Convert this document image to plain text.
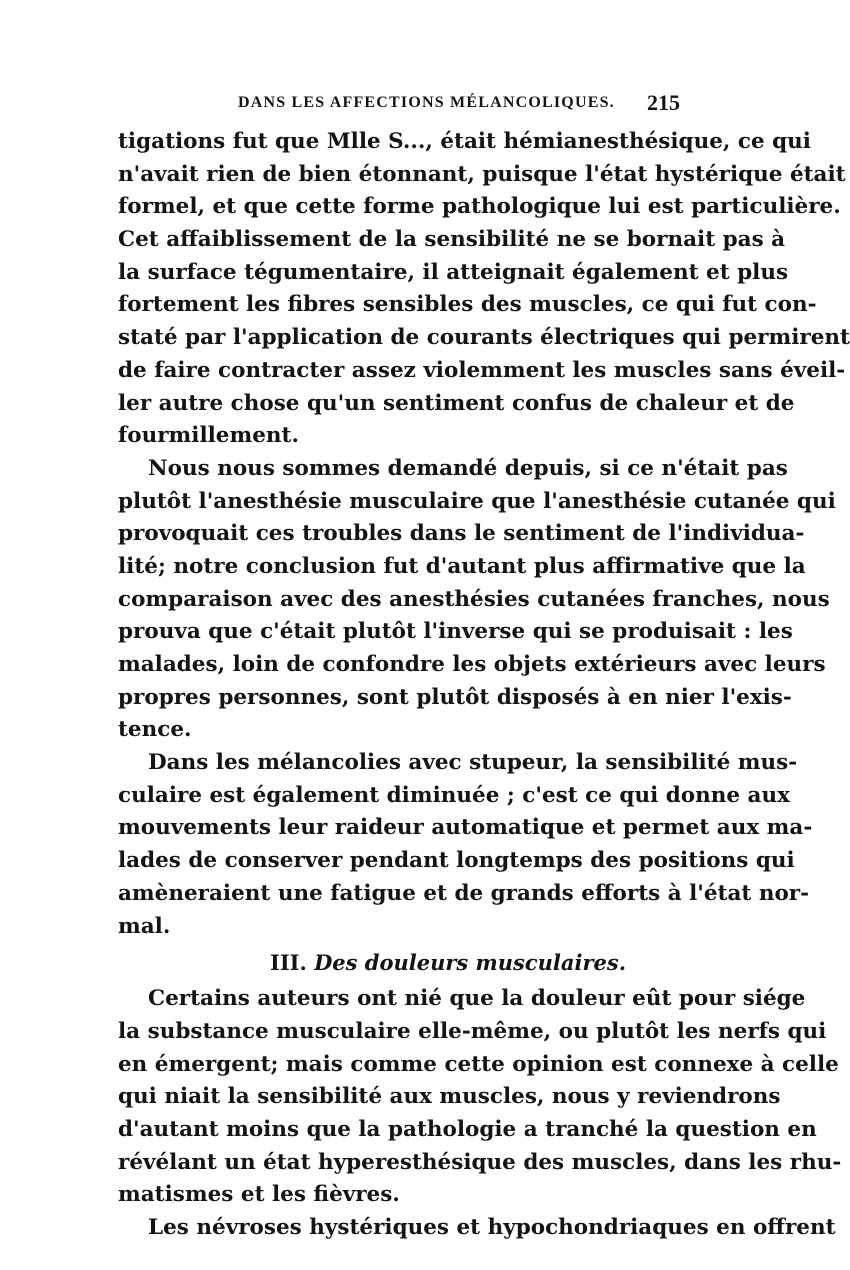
DANS LES AFFECTIONS MÉLANCOLIQUES. 215
tigations fut que Mlle S..., était hémianesthésique, ce qui
n'avait rien de bien étonnant, puisque l'état hystérique était
formel, et que cette forme pathologique lui est particulière.
Cet affaiblissement de la sensibilité ne se bornait pas à
la surface tégumentaire, il atteignait également et plus
fortement les fibres sensibles des muscles, ce qui fut con-
staté par l'application de courants électriques qui permirent
de faire contracter assez violemment les muscles sans éveil-
ler autre chose qu'un sentiment confus de chaleur et de
fourmillement.
Nous nous sommes demandé depuis, si ce n'était pas
plutôt l'anesthésie musculaire que l'anesthésie cutanée qui
provoquait ces troubles dans le sentiment de l'individua-
lité; notre conclusion fut d'autant plus affirmative que la
comparaison avec des anesthésies cutanées franches, nous
prouva que c'était plutôt l'inverse qui se produisait : les
malades, loin de confondre les objets extérieurs avec leurs
propres personnes, sont plutôt disposés à en nier l'exis-
tence.
Dans les mélancolies avec stupeur, la sensibilité mus-
culaire est également diminuée ; c'est ce qui donne aux
mouvements leur raideur automatique et permet aux ma-
lades de conserver pendant longtemps des positions qui
amèneraient une fatigue et de grands efforts à l'état nor-
mal.
III. Des douleurs musculaires.
Certains auteurs ont nié que la douleur eût pour siége
la substance musculaire elle-même, ou plutôt les nerfs qui
en émergent; mais comme cette opinion est connexe à celle
qui niait la sensibilité aux muscles, nous y reviendrons
d'autant moins que la pathologie a tranché la question en
révélant un état hyperesthésique des muscles, dans les rhu-
matismes et les fièvres.
Les névroses hystériques et hypochondriaques en offrent
